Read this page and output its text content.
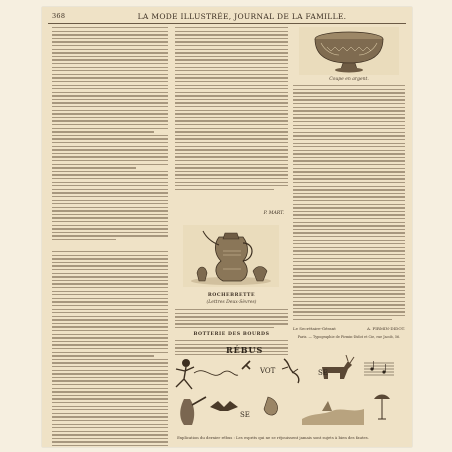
368	LA MODE ILLUSTRÉE, JOURNAL DE LA FAMILLE.
P. MART.
ROCHEBRETTE
(Lettres Deux-Sèvres)
BOTTERIE DES BOURDS
Coupe en argent.
Le Secrétaire-Gérant	A. FIRMIN-DIDOT.
Paris. — Typographie de Firmin-Didot et Cie, rue Jacob, 56.
RÉBUS
VOT	SE
SE
Explication du dernier rébus : Les esprits qui ne se réjouissent jamais sont sujets à bien des fautes.
